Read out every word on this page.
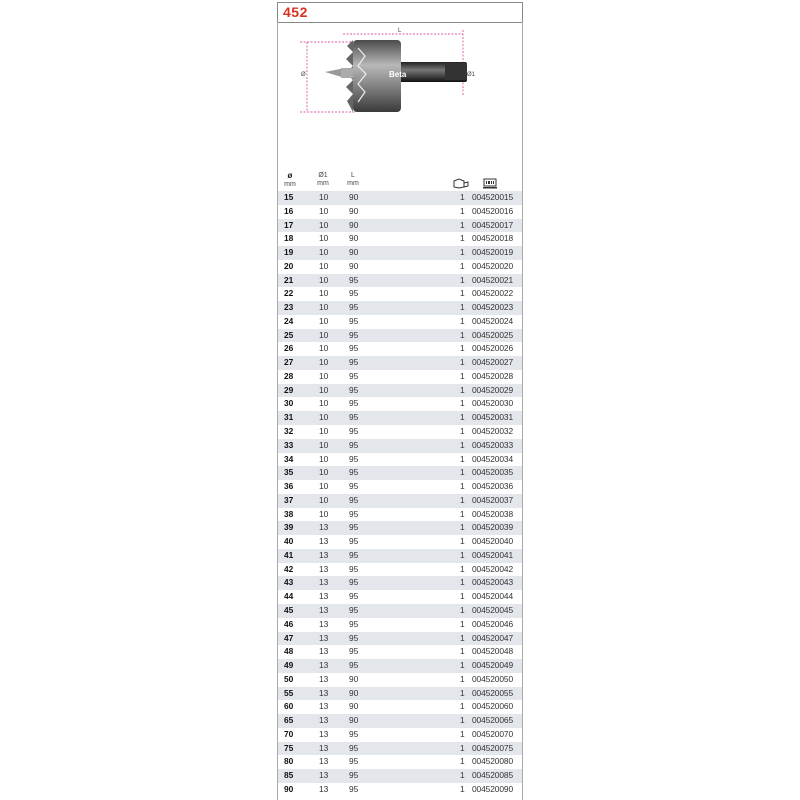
452
L
Ø	Ø1
Beta
ø
mm
Ø1
mm
L
mm
15	10 90	1 004520015
16	10 90	1 004520016
17	10 90	1 004520017
18	10 90	1 004520018
19	10 90	1 004520019
20	10 90	1 004520020
21	10 95	1 004520021
22	10 95	1 004520022
23	10 95	1 004520023
24	10 95	1 004520024
25	10 95	1 004520025
26	10 95	1 004520026
27	10 95	1 004520027
28	10 95	1 004520028
29	10 95	1 004520029
30	10 95	1 004520030
31	10 95	1 004520031
32	10 95	1 004520032
33	10 95	1 004520033
34	10 95	1 004520034
35	10 95	1 004520035
36	10 95	1 004520036
37	10 95	1 004520037
38	10 95	1 004520038
39	13 95	1 004520039
40	13 95	1 004520040
41	13 95	1 004520041
42	13 95	1 004520042
43	13 95	1 004520043
44	13 95	1 004520044
45	13 95	1 004520045
46	13 95	1 004520046
47	13 95	1 004520047
48	13 95	1 004520048
49	13 95	1 004520049
50	13 90	1 004520050
55	13 90	1 004520055
60	13 90	1 004520060
65	13 90	1 004520065
70	13 95	1 004520070
75	13 95	1 004520075
80	13 95	1 004520080
85	13 95	1 004520085
90	13 95	1 004520090
